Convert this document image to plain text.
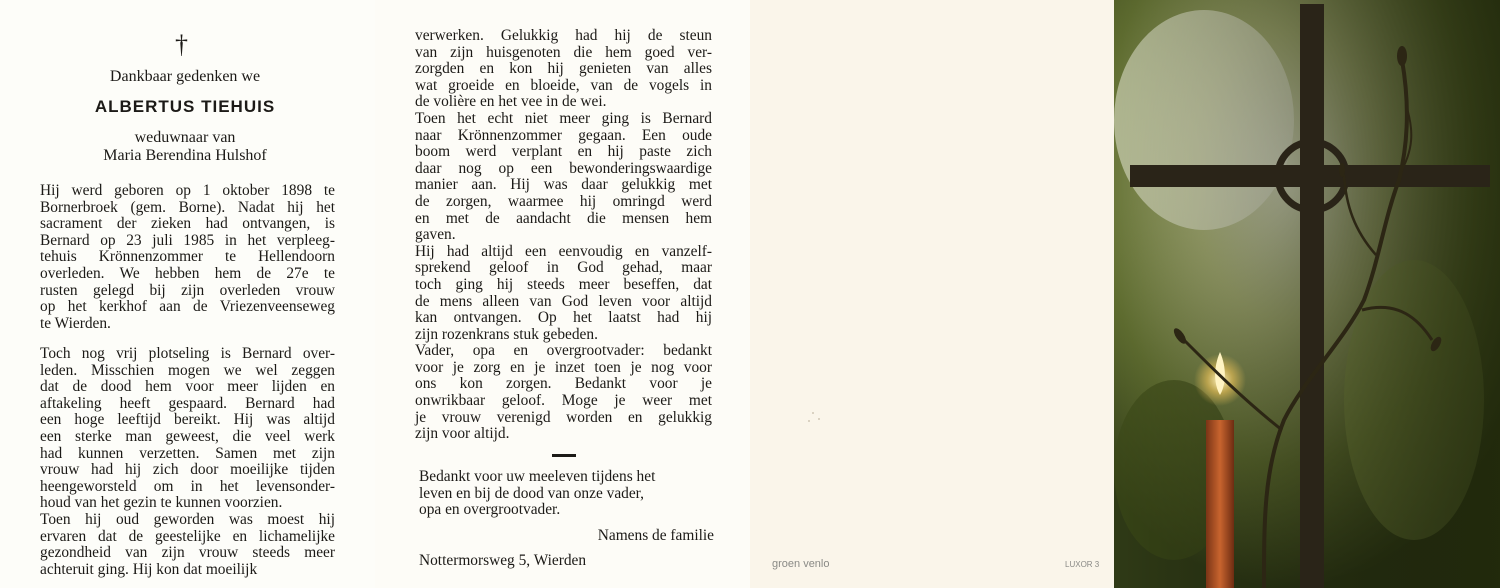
†
Dankbaar gedenken we
ALBERTUS TIEHUIS
weduwnaar van
Maria Berendina Hulshof
Hij werd geboren op 1 oktober 1898 te
Bornerbroek (gem. Borne). Nadat hij het
sacrament der zieken had ontvangen, is
Bernard op 23 juli 1985 in het verpleeg-
tehuis Krönnenzommer te Hellendoorn
overleden. We hebben hem de 27e te
rusten gelegd bij zijn overleden vrouw
op het kerkhof aan de Vriezenveenseweg
te Wierden.
Toch nog vrij plotseling is Bernard over-
leden. Misschien mogen we wel zeggen
dat de dood hem voor meer lijden en
aftakeling heeft gespaard. Bernard had
een hoge leeftijd bereikt. Hij was altijd
een sterke man geweest, die veel werk
had kunnen verzetten. Samen met zijn
vrouw had hij zich door moeilijke tijden
heengeworsteld om in het levensonder-
houd van het gezin te kunnen voorzien.
Toen hij oud geworden was moest hij
ervaren dat de geestelijke en lichamelijke
gezondheid van zijn vrouw steeds meer
achteruit ging. Hij kon dat moeilijk
verwerken. Gelukkig had hij de steun
van zijn huisgenoten die hem goed ver-
zorgden en kon hij genieten van alles
wat groeide en bloeide, van de vogels in
de volière en het vee in de wei.
Toen het echt niet meer ging is Bernard
naar Krönnenzommer gegaan. Een oude
boom werd verplant en hij paste zich
daar nog op een bewonderingswaardige
manier aan. Hij was daar gelukkig met
de zorgen, waarmee hij omringd werd
en met de aandacht die mensen hem
gaven.
Hij had altijd een eenvoudig en vanzelf-
sprekend geloof in God gehad, maar
toch ging hij steeds meer beseffen, dat
de mens alleen van God leven voor altijd
kan ontvangen. Op het laatst had hij
zijn rozenkrans stuk gebeden.
Vader, opa en overgrootvader: bedankt
voor je zorg en je inzet toen je nog voor
ons kon zorgen. Bedankt voor je
onwrikbaar geloof. Moge je weer met
je vrouw verenigd worden en gelukkig
zijn voor altijd.
Bedankt voor uw meeleven tijdens het
leven en bij de dood van onze vader,
opa en overgrootvader.
Namens de familie
Nottermorsweg 5, Wierden	groen venlo	LUXOR 3
